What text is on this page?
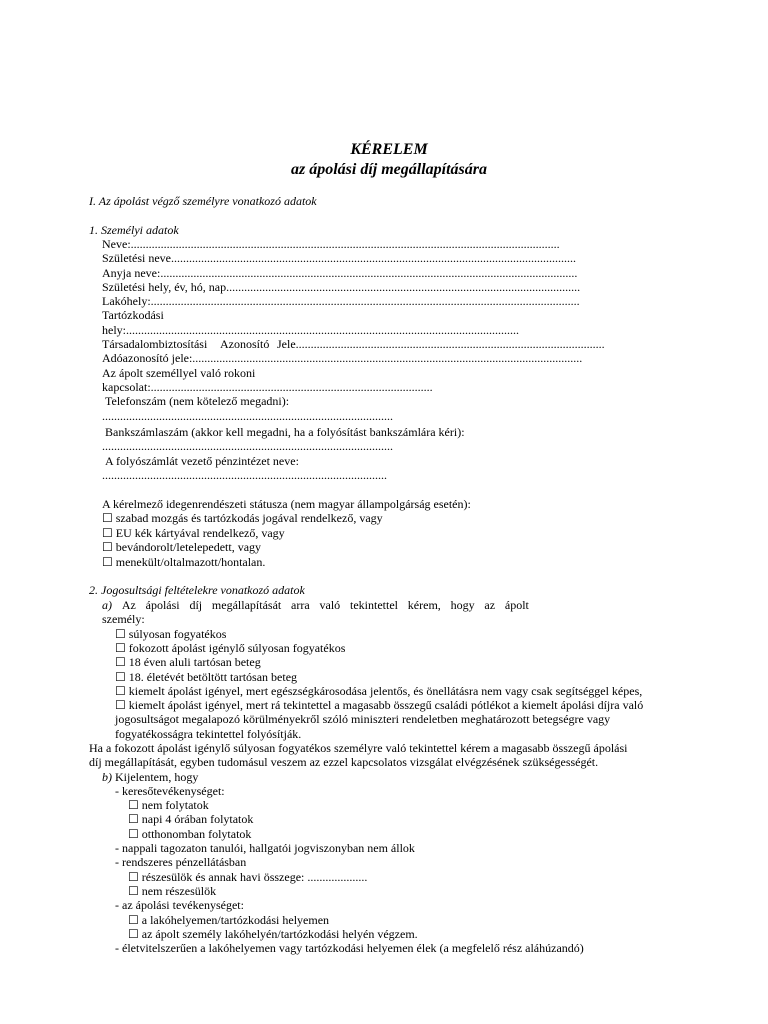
KÉRELEM
az ápolási díj megállapítására
I. Az ápolást végző személyre vonatkozó adatok
1. Személyi adatok
Neve:...............................................................................................................................................
Születési neve.......................................................................................................................................
Anyja neve:...........................................................................................................................................
Születési hely, év, hó, nap......................................................................................................................
Lakóhely:...............................................................................................................................................
Tartózkodási
hely:...................................................................................................................................
Társadalombiztosítási Azonosító Jele.......................................................................................................
Adóazonosító jele:..................................................................................................................................
Az ápolt személlyel való rokoni
kapcsolat:..............................................................................................
Telefonszám (nem kötelező megadni):
.................................................................................................
Bankszámlaszám (akkor kell megadni, ha a folyósítást bankszámlára kéri):
.................................................................................................
A folyószámlát vezető pénzintézet neve:
...............................................................................................
A kérelmező idegenrendészeti státusza (nem magyar állampolgárság esetén):
☐ szabad mozgás és tartózkodás jogával rendelkező, vagy
☐ EU kék kártyával rendelkező, vagy
☐ bevándorolt/letelepedett, vagy
☐ menekült/oltalmazott/hontalan.
2. Jogosultsági feltételekre vonatkozó adatok
a) Az ápolási díj megállapítását arra való tekintettel kérem, hogy az ápolt
személy:
☐ súlyosan fogyatékos
☐ fokozott ápolást igénylő súlyosan fogyatékos
☐ 18 éven aluli tartósan beteg
☐ 18. életévét betöltött tartósan beteg
☐ kiemelt ápolást igényel, mert egészségkárosodása jelentős, és önellátásra nem vagy csak segítséggel képes,
☐ kiemelt ápolást igényel, mert rá tekintettel a magasabb összegű családi pótlékot a kiemelt ápolási díjra való
jogosultságot megalapozó körülményekről szóló miniszteri rendeletben meghatározott betegségre vagy
fogyatékosságra tekintettel folyósítják.
Ha a fokozott ápolást igénylő súlyosan fogyatékos személyre való tekintettel kérem a magasabb összegű ápolási
díj megállapítását, egyben tudomásul veszem az ezzel kapcsolatos vizsgálat elvégzésének szükségességét.
b) Kijelentem, hogy
- keresőtevékenységet:
☐ nem folytatok
☐ napi 4 órában folytatok
☐ otthonomban folytatok
- nappali tagozaton tanulói, hallgatói jogviszonyban nem állok
- rendszeres pénzellátásban
☐ részesülök és annak havi összege: ....................
☐ nem részesülök
- az ápolási tevékenységet:
☐ a lakóhelyemen/tartózkodási helyemen
☐ az ápolt személy lakóhelyén/tartózkodási helyén végzem.
- életvitelszerűen a lakóhelyemen vagy tartózkodási helyemen élek (a megfelelő rész aláhúzandó)
